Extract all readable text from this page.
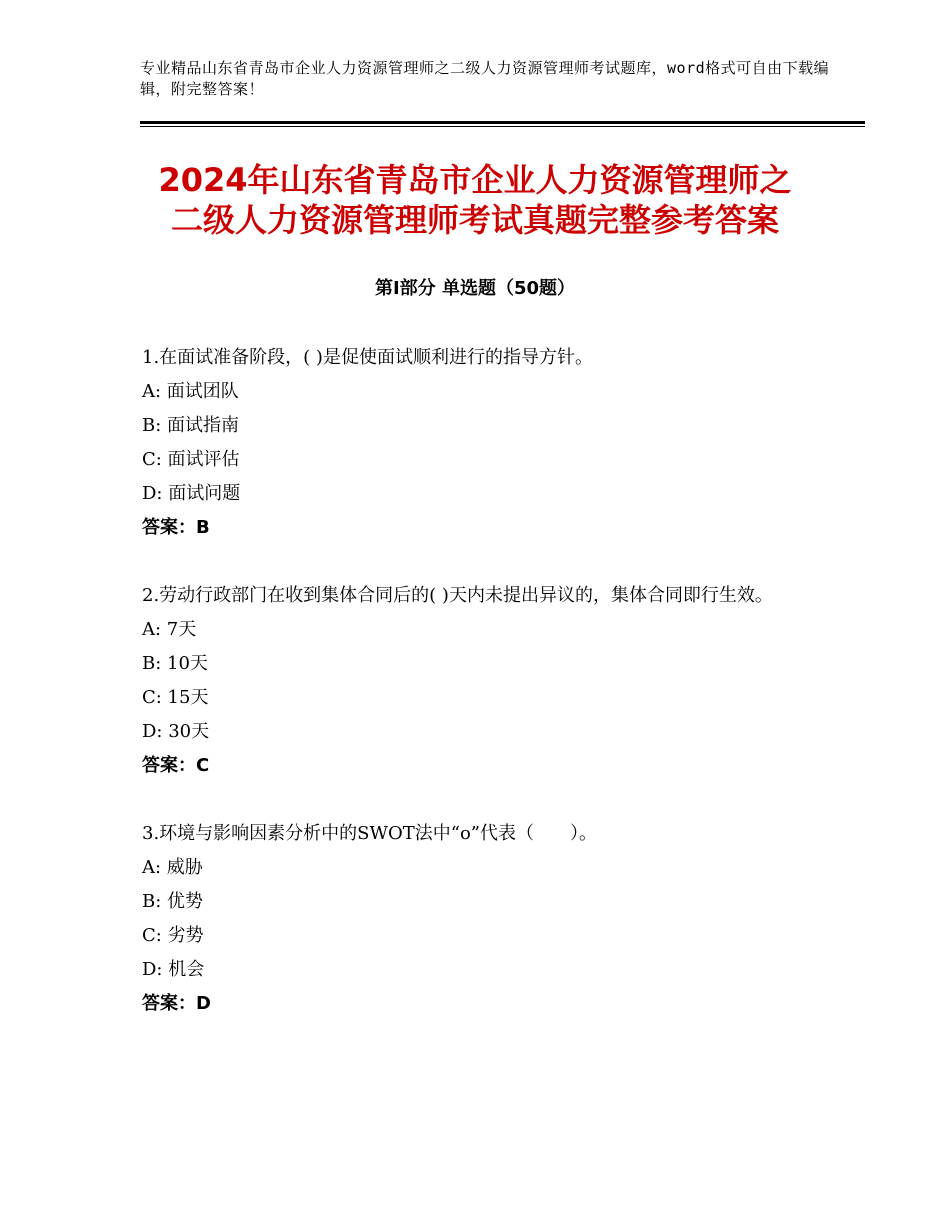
专业精品山东省青岛市企业人力资源管理师之二级人力资源管理师考试题库，word格式可自由下载编辑，附完整答案！
2024年山东省青岛市企业人力资源管理师之
二级人力资源管理师考试真题完整参考答案
第Ⅰ部分 单选题（50题）
1.在面试准备阶段，( )是促使面试顺利进行的指导方针。
A: 面试团队
B: 面试指南
C: 面试评估
D: 面试问题
答案：B
2.劳动行政部门在收到集体合同后的( )天内未提出异议的，集体合同即行生效。
A: 7天
B: 10天
C: 15天
D: 30天
答案：C
3.环境与影响因素分析中的SWOT法中“o”代表（　　）。
A: 威胁
B: 优势
C: 劣势
D: 机会
答案：D
